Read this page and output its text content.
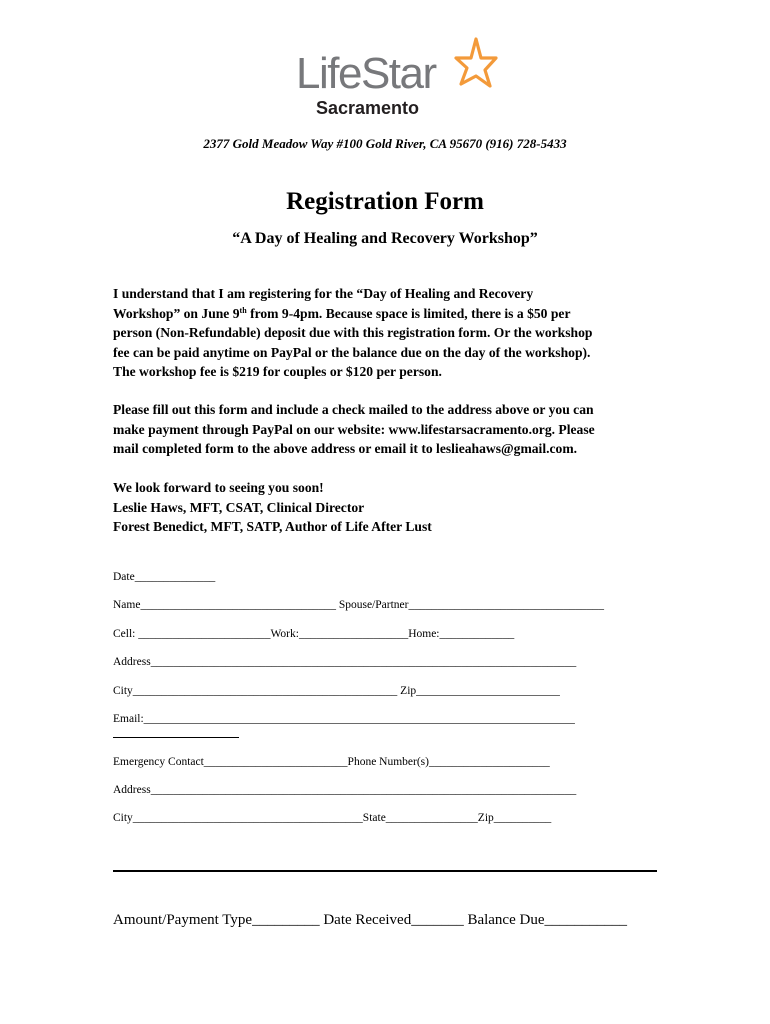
LifeStar
Sacramento
2377 Gold Meadow Way #100 Gold River, CA 95670 (916) 728-5433
Registration Form
“A Day of Healing and Recovery Workshop”
I understand that I am registering for the “Day of Healing and Recovery
Workshop” on June 9th from 9-4pm. Because space is limited, there is a $50 per
person (Non-Refundable) deposit due with this registration form. Or the workshop
fee can be paid anytime on PayPal or the balance due on the day of the workshop).
The workshop fee is $219 for couples or $120 per person.
Please fill out this form and include a check mailed to the address above or you can
make payment through PayPal on our website: www.lifestarsacramento.org. Please
mail completed form to the above address or email it to leslieahaws@gmail.com.
We look forward to seeing you soon!
Leslie Haws, MFT, CSAT, Clinical Director
Forest Benedict, MFT, SATP, Author of Life After Lust
Date______________
Name__________________________________ Spouse/Partner__________________________________
Cell: _______________________Work:___________________Home:_____________
Address__________________________________________________________________________
City______________________________________________ Zip_________________________
Email:___________________________________________________________________________
Emergency Contact_________________________Phone Number(s)_____________________
Address__________________________________________________________________________
City________________________________________State________________Zip__________
Amount/Payment Type_________ Date Received_______ Balance Due___________
